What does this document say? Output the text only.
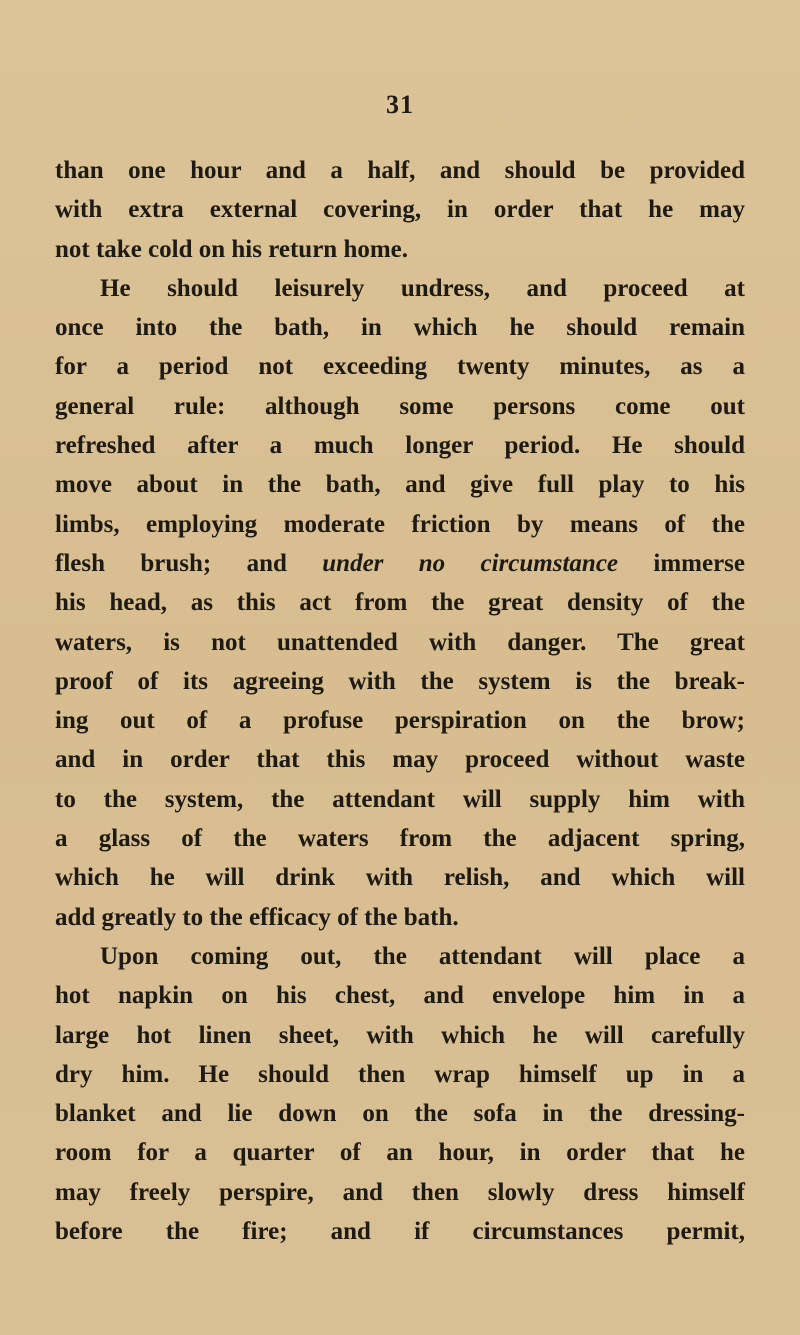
31
than one hour and a half, and should be provided
with extra external covering, in order that he may
not take cold on his return home.
He should leisurely undress, and proceed at
once into the bath, in which he should remain
for a period not exceeding twenty minutes, as a
general rule: although some persons come out
refreshed after a much longer period. He should
move about in the bath, and give full play to his
limbs, employing moderate friction by means of the
flesh brush; and under no circumstance immerse
his head, as this act from the great density of the
waters, is not unattended with danger. The great
proof of its agreeing with the system is the break-
ing out of a profuse perspiration on the brow;
and in order that this may proceed without waste
to the system, the attendant will supply him with
a glass of the waters from the adjacent spring,
which he will drink with relish, and which will
add greatly to the efficacy of the bath.
Upon coming out, the attendant will place a
hot napkin on his chest, and envelope him in a
large hot linen sheet, with which he will carefully
dry him. He should then wrap himself up in a
blanket and lie down on the sofa in the dressing-
room for a quarter of an hour, in order that he
may freely perspire, and then slowly dress himself
before the fire; and if circumstances permit,
